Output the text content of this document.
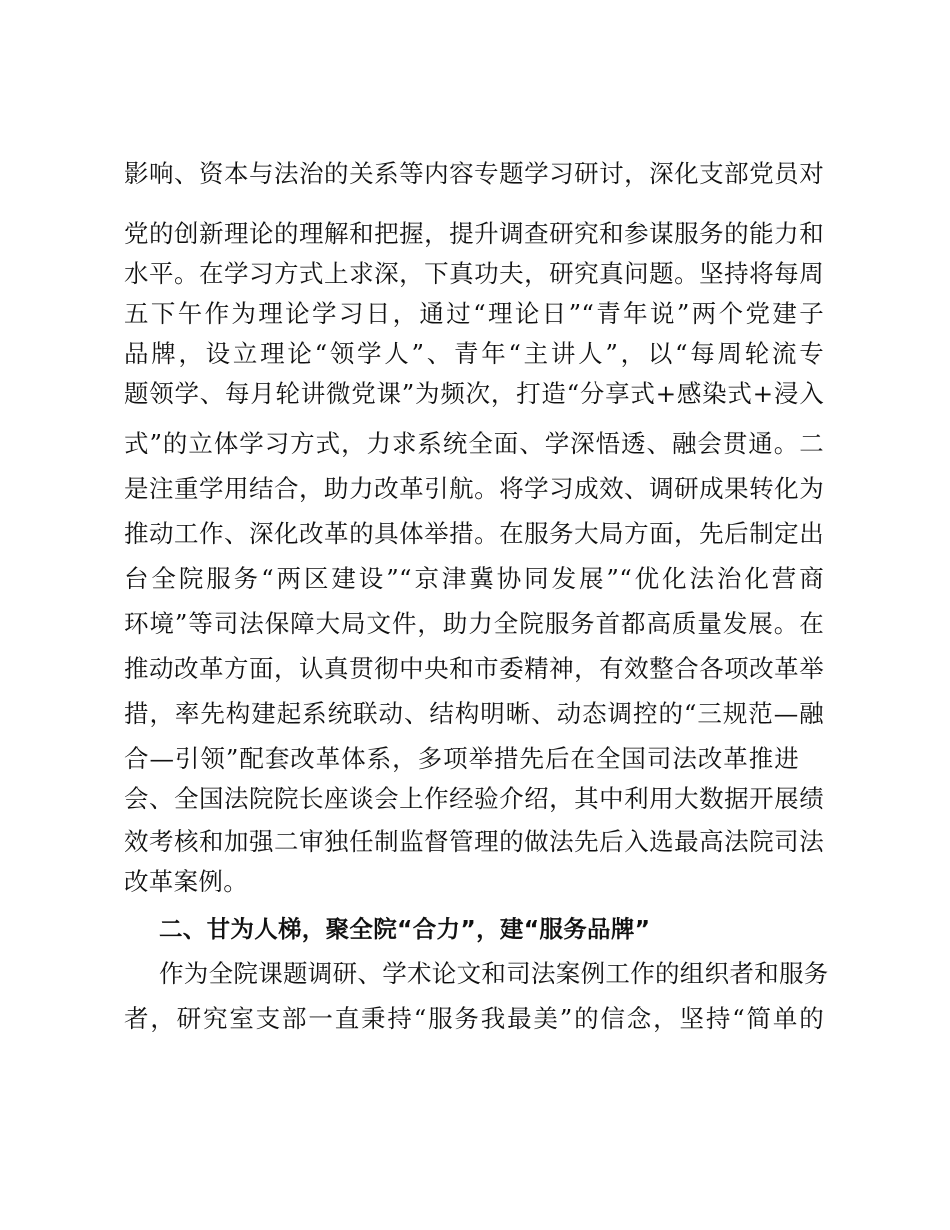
影响、资本与法治的关系等内容专题学习研讨，深化支部党员对
党的创新理论的理解和把握，提升调查研究和参谋服务的能力和
水平。在学习方式上求深，下真功夫，研究真问题。坚持将每周
五下午作为理论学习日，通过“理论日”“青年说”两个党建子
品牌，设立理论“领学人”、青年“主讲人”，以“每周轮流专
题领学、每月轮讲微党课”为频次，打造“分享式+感染式+浸入
式”的立体学习方式，力求系统全面、学深悟透、融会贯通。二
是注重学用结合，助力改革引航。将学习成效、调研成果转化为
推动工作、深化改革的具体举措。在服务大局方面，先后制定出
台全院服务“两区建设”“京津冀协同发展”“优化法治化营商
环境”等司法保障大局文件，助力全院服务首都高质量发展。在
推动改革方面，认真贯彻中央和市委精神，有效整合各项改革举
措，率先构建起系统联动、结构明晰、动态调控的“三规范—融
合—引领”配套改革体系，多项举措先后在全国司法改革推进
会、全国法院院长座谈会上作经验介绍，其中利用大数据开展绩
效考核和加强二审独任制监督管理的做法先后入选最高法院司法
改革案例。
二、甘为人梯，聚全院“合力”，建“服务品牌”
作为全院课题调研、学术论文和司法案例工作的组织者和服务
者，研究室支部一直秉持“服务我最美”的信念，坚持“简单的
